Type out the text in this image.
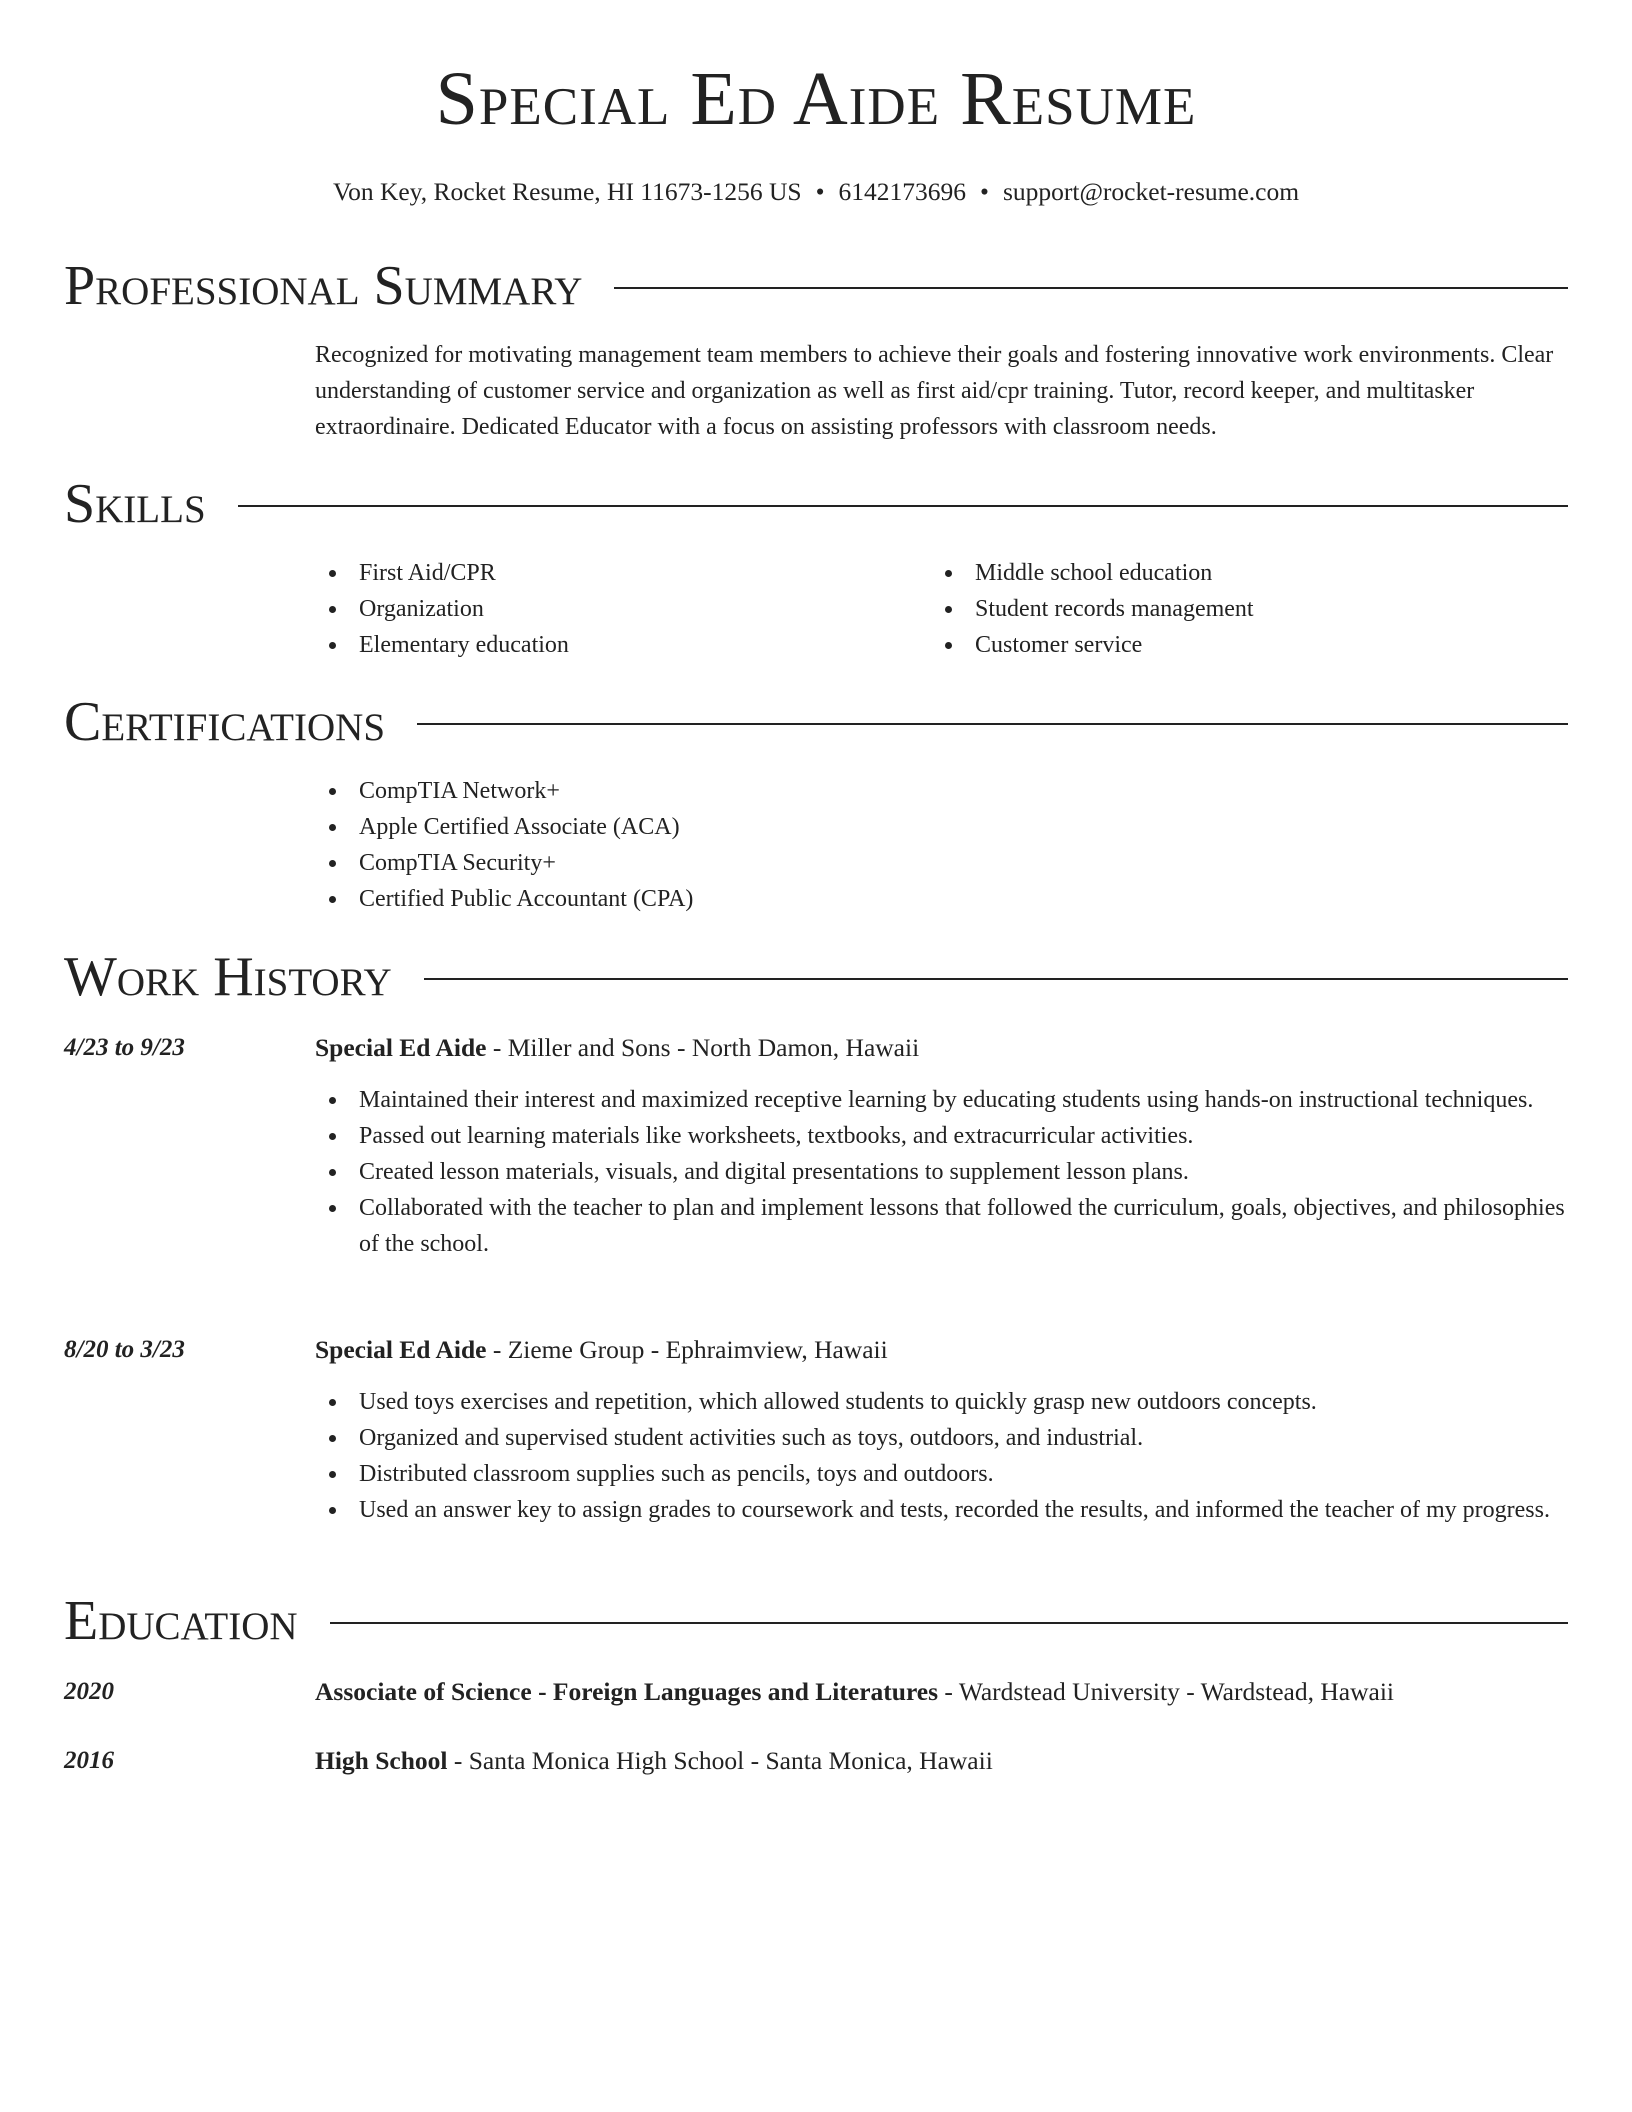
Special Ed Aide Resume
Von Key, Rocket Resume, HI 11673-1256 US • 6142173696 • support@rocket-resume.com
Professional Summary
Recognized for motivating management team members to achieve their goals and fostering innovative work environments. Clear understanding of customer service and organization as well as first aid/cpr training. Tutor, record keeper, and multitasker extraordinaire. Dedicated Educator with a focus on assisting professors with classroom needs.
Skills
First Aid/CPR
Organization
Elementary education
Middle school education
Student records management
Customer service
Certifications
CompTIA Network+
Apple Certified Associate (ACA)
CompTIA Security+
Certified Public Accountant (CPA)
Work History
4/23 to 9/23	Special Ed Aide - Miller and Sons - North Damon, Hawaii
Maintained their interest and maximized receptive learning by educating students using hands-on instructional techniques.
Passed out learning materials like worksheets, textbooks, and extracurricular activities.
Created lesson materials, visuals, and digital presentations to supplement lesson plans.
Collaborated with the teacher to plan and implement lessons that followed the curriculum, goals, objectives, and philosophies of the school.
8/20 to 3/23	Special Ed Aide - Zieme Group - Ephraimview, Hawaii
Used toys exercises and repetition, which allowed students to quickly grasp new outdoors concepts.
Organized and supervised student activities such as toys, outdoors, and industrial.
Distributed classroom supplies such as pencils, toys and outdoors.
Used an answer key to assign grades to coursework and tests, recorded the results, and informed the teacher of my progress.
Education
2020	Associate of Science - Foreign Languages and Literatures - Wardstead University - Wardstead, Hawaii
2016	High School - Santa Monica High School - Santa Monica, Hawaii
